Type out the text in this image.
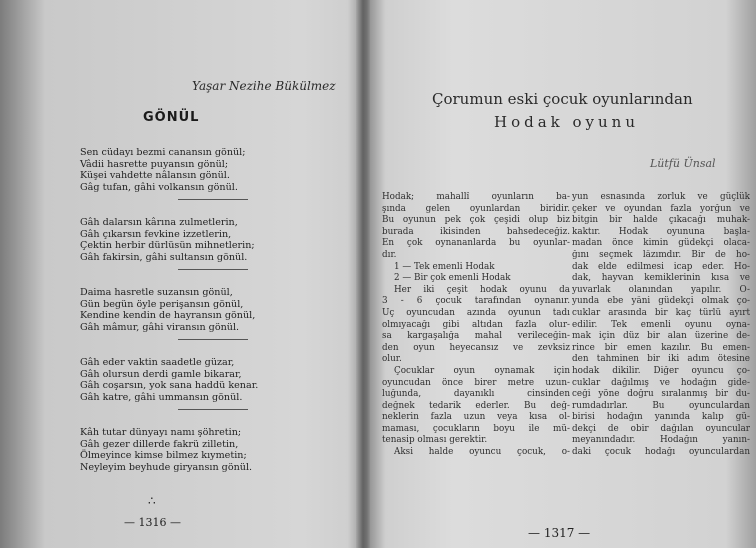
Yaşar Nezihe Bükülmez
GÖNÜL
Sen cüdayı bezmi canansın gönül;
Vâdii hasrette puyansın gönül;
Küşei vahdette nâlansın gönül.
Gâg tufan, gâhi volkansın gönül.
Gâh dalarsın kârına zulmetlerin,
Gâh çıkarsın fevkine izzetlerin,
Çektin herbir dürlüsün mihnetlerin;
Gâh fakirsin, gâhi sultansın gönül.
Daima hasretle suzansın gönül,
Gün begün öyle perişansın gönül,
Kendine kendin de hayransın gönül,
Gâh mâmur, gâhi viransın gönül.
Gâh eder vaktin saadetle güzar,
Gâh olursun derdi gamle bikarar,
Gâh coşarsın, yok sana haddü kenar.
Gâh katre, gâhi ummansın gönül.
Kâh tutar dünyayı namı şöhretin;
Gâh gezer dillerde fakrü zilletin,
Ölmeyince kimse bilmez kıymetin;
Neyleyim beyhude giryansın gönül.
∴
— 1316 —
Çorumun eski çocuk oyunlarından
Hodak oyunu
Lütfü Ünsal
Hodak; mahallî oyunların ba-
şında gelen oyunlardan biridir.
Bu oyunun pek çok çeşidi olup biz
burada ikisinden bahsedeceğiz.
En çok oynananlarda bu oyunlar-
dır.
1 — Tek emenli Hodak
2 — Bir çok emenli Hodak
Her iki çeşit hodak oyunu da
3 - 6 çocuk tarafından oynanır.
Üç oyuncudan azında oyunun tadı
olmıyacağı gibi altıdan fazla olur-
sa kargaşalığa mahal verileceğin-
den oyun heyecansız ve zevksiz
olur.
Çocuklar oyun oynamak için
oyuncudan önce birer metre uzun-
luğunda, dayanıklı cinsinden
değnek tedarik ederler. Bu değ-
neklerin fazla uzun veya kısa ol-
maması, çocukların boyu ile mü-
tenasip olması gerektir.
Aksi halde oyuncu çocuk, o-
yun esnasında zorluk ve güçlük
çeker ve oyundan fazla yorğun ve
bitgin bir halde çıkacağı muhak-
kaktır. Hodak oyununa başla-
madan önce kimin güdekçi olaca-
ğını seçmek lâzımdır. Bir de ho-
dak elde edilmesi icap eder. Ho-
dak, hayvan kemiklerinin kısa ve
yuvarlak olanından yapılır. O-
yunda ebe yâni güdekçi olmak ço-
cuklar arasında bir kaç türlü ayırt
edilir. Tek emenli oyunu oyna-
mak için düz bir alan üzerine de-
rince bir emen kazılır. Bu emen-
den tahminen bir iki adım ötesine
hodak dikilir. Diğer oyuncu ço-
cuklar dağılmış ve hodağın gide-
ceği yöne doğru sıralanmış bir du-
rumdadırlar. Bu oyunculardan
birisi hodağın yanında kalıp gü-
dekçi de obir dağılan oyuncular
meyanındadır. Hodağın yanın-
daki çocuk hodağı oyunculardan
— 1317 —
